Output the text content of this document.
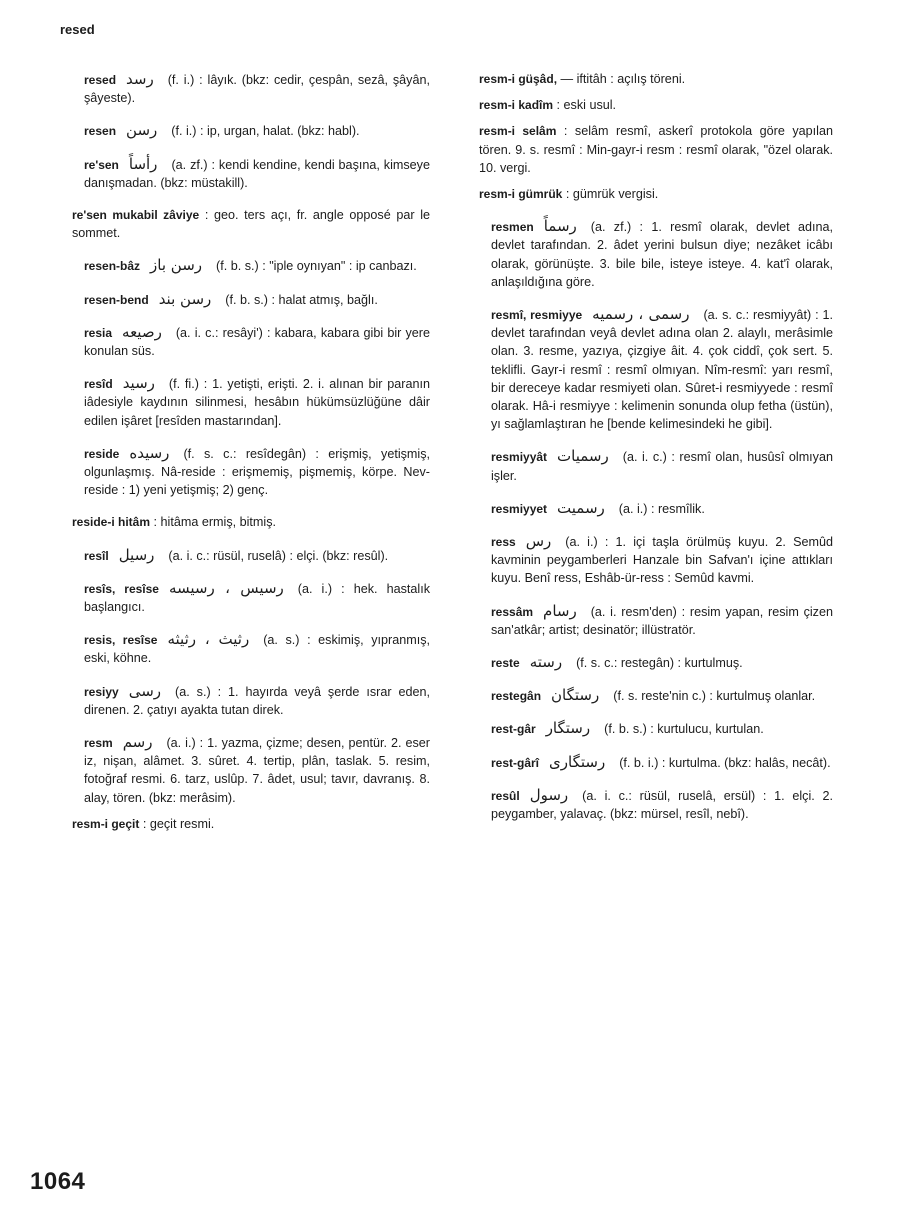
resed
resed رسد (f. i.) : lâyık. (bkz: cedir, çespân, sezâ, şâyân, şâyeste).
resen رسن (f. i.) : ip, urgan, halat. (bkz: habl).
re'sen رأساً (a. zf.) : kendi kendine, kendi başına, kimseye danışmadan. (bkz: müstakill).
re'sen mukabil zâviye : geo. ters açı, fr. angle opposé par le sommet.
resen-bâz رسن باز (f. b. s.) : "iple oynıyan" : ip canbazı.
resen-bend رسن بند (f. b. s.) : halat atmış, bağlı.
resia رصيعه (a. i. c.: resâyi') : kabara, kabara gibi bir yere konulan süs.
resîd رسيد (f. fi.) : 1. yetişti, erişti. 2. i. alınan bir paranın iâdesiyle kaydının silinmesi, hesâbın hükümsüzlüğüne dâir edilen işâret [resîden mastarından].
reside رسيده (f. s. c.: resîdegân) : erişmiş, yetişmiş, olgunlaşmış. Nâ-reside : erişmemiş, pişmemiş, körpe. Nev-reside : 1) yeni yetişmiş; 2) genç.
reside-i hitâm : hitâma ermiş, bitmiş.
resîl رسيل (a. i. c.: rüsül, ruselâ) : elçi. (bkz: resûl).
resîs, resîse رسيس ، رسيسه (a. i.) : hek. hastalık başlangıcı.
resis, resîse رثيث ، رثيثه (a. s.) : eskimiş, yıpranmış, eski, köhne.
resiyy رسى (a. s.) : 1. hayırda veyâ şerde ısrar eden, direnen. 2. çatıyı ayakta tutan direk.
resm رسم (a. i.) : 1. yazma, çizme; desen, pentür. 2. eser iz, nişan, alâmet. 3. sûret. 4. tertip, plân, taslak. 5. resim, fotoğraf resmi. 6. tarz, uslûp. 7. âdet, usul; tavır, davranış. 8. alay, tören. (bkz: merâsim).
resm-i geçit : geçit resmi.
resm-i güşâd, — iftitâh : açılış töreni.
resm-i kadîm : eski usul.
resm-i selâm : selâm resmî, askerî protokola göre yapılan tören. 9. s. resmî : Min-gayr-i resm : resmî olarak, "özel olarak. 10. vergi.
resm-i gümrük : gümrük vergisi.
resmen رسماً (a. zf.) : 1. resmî olarak, devlet adına, devlet tarafından. 2. âdet yerini bulsun diye; nezâket icâbı olarak, görünüşte. 3. bile bile, isteye isteye. 4. kat'î olarak, anlaşıldığına göre.
resmî, resmiyye رسمى ، رسميه (a. s. c.: resmiyyât) : 1. devlet tarafından veyâ devlet adına olan 2. alaylı, merâsimle olan. 3. resme, yazıya, çizgiye âit. 4. çok ciddî, çok sert. 5. teklifli. Gayr-i resmî : resmî olmıyan. Nîm-resmî: yarı resmî, bir dereceye kadar resmiyeti olan. Sûret-i resmiyyede : resmî olarak. Hâ-i resmiyye : kelimenin sonunda olup fetha (üstün), yı sağlamlaştıran he [bende kelimesindeki he gibi].
resmiyyât رسميات (a. i. c.) : resmî olan, husûsî olmıyan işler.
resmiyyet رسميت (a. i.) : resmîlik.
ress رس (a. i.) : 1. içi taşla örülmüş kuyu. 2. Semûd kavminin peygamberleri Hanzale bin Safvan'ı içine attıkları kuyu. Benî ress, Eshâb-ür-ress : Semûd kavmi.
ressâm رسام (a. i. resm'den) : resim yapan, resim çizen san'atkâr; artist; desinatör; illüstratör.
reste رسته (f. s. c.: restegân) : kurtulmuş.
restegân رستگان (f. s. reste'nin c.) : kurtulmuş olanlar.
rest-gâr رستگار (f. b. s.) : kurtulucu, kurtulan.
rest-gârî رستگارى (f. b. i.) : kurtulma. (bkz: halâs, necât).
resûl رسول (a. i. c.: rüsül, ruselâ, ersül) : 1. elçi. 2. peygamber, yalavaç. (bkz: mürsel, resîl, nebî).
1064
